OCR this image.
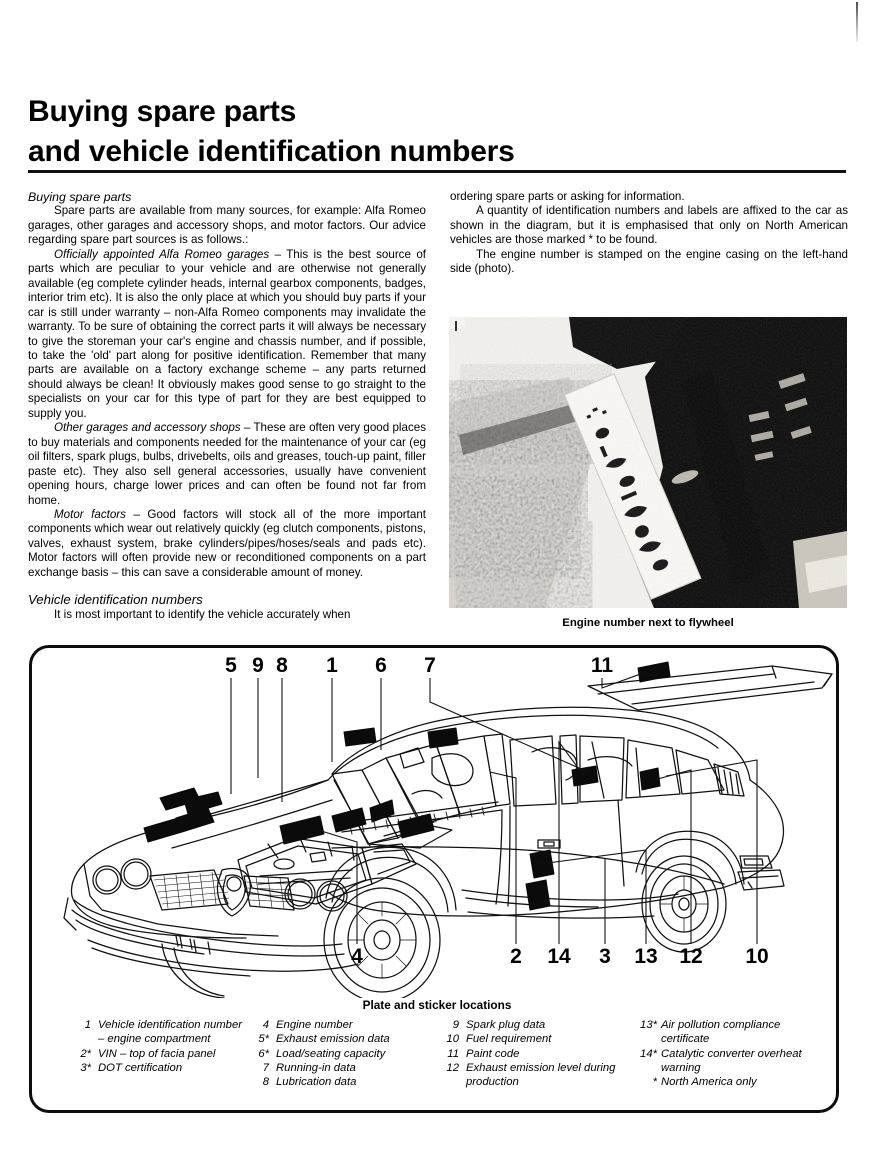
Buying spare parts
and vehicle identification numbers

Buying spare parts

Spare parts are available from many sources, for example: Alfa Romeo garages, other garages and accessory shops, and motor factors. Our advice regarding spare part sources is as follows.:

Officially appointed Alfa Romeo garages – This is the best source of parts which are peculiar to your vehicle and are otherwise not generally available (eg complete cylinder heads, internal gearbox components, badges, interior trim etc). It is also the only place at which you should buy parts if your car is still under warranty – non-Alfa Romeo components may invalidate the warranty. To be sure of obtaining the correct parts it will always be necessary to give the storeman your car's engine and chassis number, and if possible, to take the 'old' part along for positive identification. Remember that many parts are available on a factory exchange scheme – any parts returned should always be clean! It obviously makes good sense to go straight to the specialists on your car for this type of part for they are best equipped to supply you.

Other garages and accessory shops – These are often very good places to buy materials and components needed for the maintenance of your car (eg oil filters, spark plugs, bulbs, drivebelts, oils and greases, touch-up paint, filler paste etc). They also sell general accessories, usually have convenient opening hours, charge lower prices and can often be found not far from home.

Motor factors – Good factors will stock all of the more important components which wear out relatively quickly (eg clutch components, pistons, valves, exhaust system, brake cylinders/pipes/hoses/seals and pads etc). Motor factors will often provide new or reconditioned components on a part exchange basis – this can save a considerable amount of money.

Vehicle identification numbers

It is most important to identify the vehicle accurately when

ordering spare parts or asking for information.

A quantity of identification numbers and labels are affixed to the car as shown in the diagram, but it is emphasised that only on North American vehicles are those marked * to be found.

The engine number is stamped on the engine casing on the left-hand side (photo).

Engine number next to flywheel
5 9 8 1 6 7	11
4	2 14 3 13 12 10
Plate and sticker locations
1 Vehicle identification number – engine compartment
2* VIN – top of facia panel
3* DOT certification
4 Engine number
5* Exhaust emission data
6* Load/seating capacity
7 Running-in data
8 Lubrication data
9 Spark plug data
10 Fuel requirement
11 Paint code
12 Exhaust emission level during production
13* Air pollution compliance certificate
14* Catalytic converter overheat warning
* North America only
